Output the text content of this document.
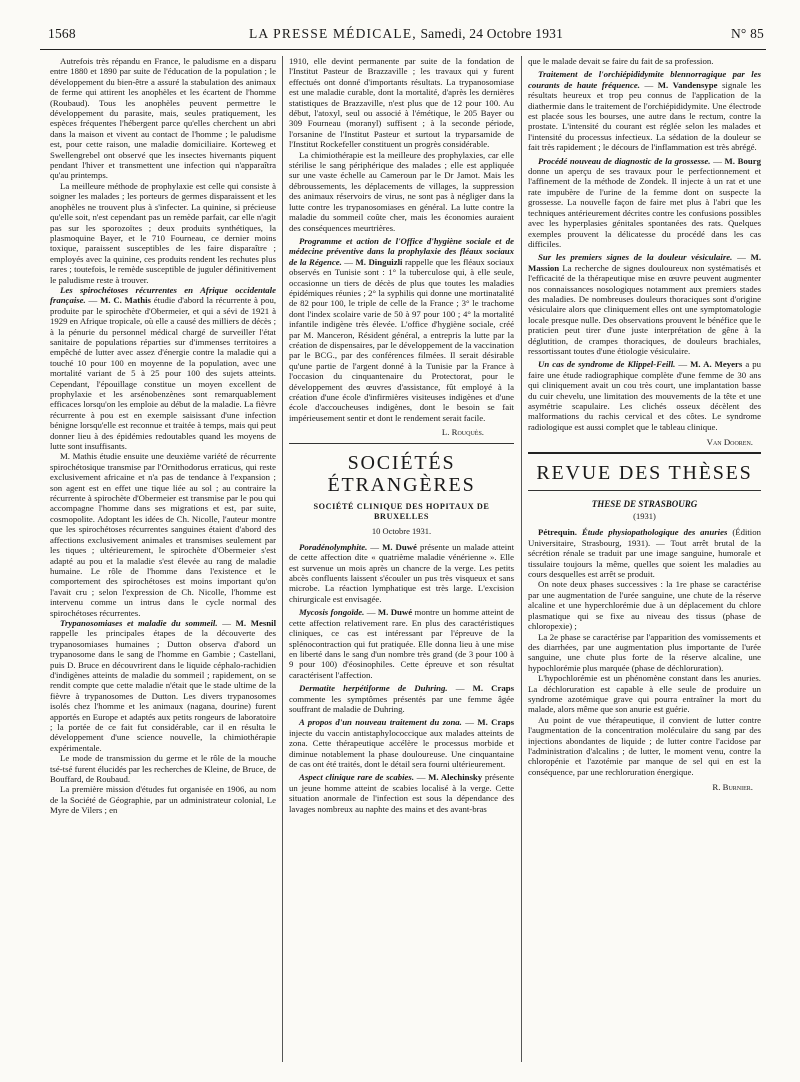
1568	LA PRESSE MÉDICALE, Samedi, 24 Octobre 1931	N° 85

Autrefois très répandu en France, le paludisme en a disparu entre 1880 et 1890 par suite de l'éducation de la population ; le développement du bien-être a assuré la stabulation des animaux de ferme qui attirent les anophèles et les écartent de l'homme (Roubaud). Tous les anophèles peuvent permettre le développement du parasite, mais, seules pratiquement, les espèces fréquentes l'hébergent parce qu'elles cherchent un abri dans la maison et vivent au contact de l'homme ; le paludisme est, pour cette raison, une maladie domiciliaire. Korteweg et Swellengrebel ont observé que les insectes hivernants piquent pendant l'hiver et transmettent une infection qui n'apparaîtra qu'au printemps.

La meilleure méthode de prophylaxie est celle qui consiste à soigner les malades ; les porteurs de germes disparaissent et les anophèles ne trouvent plus à s'infecter. La quinine, si précieuse qu'elle soit, n'est cependant pas un remède parfait, car elle n'agit pas sur les sporozoïtes ; deux produits synthétiques, la plasmoquine Bayer, et le 710 Fourneau, ce dernier moins toxique, paraissent susceptibles de les faire disparaître ; employés avec la quinine, ces produits rendent les rechutes plus rares ; toutefois, le remède susceptible de juguler définitivement le paludisme reste à trouver.

Les spirochétoses récurrentes en Afrique occidentale française. — M. C. Mathis étudie d'abord la récurrente à pou, produite par le spirochète d'Obermeier, et qui a sévi de 1921 à 1929 en Afrique tropicale, où elle a causé des milliers de décès ; à la pénurie du personnel médical chargé de surveiller l'état sanitaire de populations réparties sur d'immenses territoires a empêché de lutter avec assez d'énergie contre la maladie qui a touché 10 pour 100 en moyenne de la population, avec une mortalité variant de 5 à 25 pour 100 des sujets atteints. Cependant, l'épouillage constitue un moyen excellent de prophylaxie et les arsénobenzènes sont remarquablement efficaces lorsqu'on les emploie au début de la maladie. La fièvre récurrente à pou est en exemple saisissant d'une infection bénigne lorsqu'elle est reconnue et traitée à temps, mais qui peut donner lieu à des épidémies redoutables quand les moyens de lutte sont insuffisants.

M. Mathis étudie ensuite une deuxième variété de récurrente spirochétosique transmise par l'Ornithodorus erraticus, qui reste exclusivement africaine et n'a pas de tendance à l'expansion ; son agent est en effet une tique liée au sol ; au contraire la récurrente à spirochète d'Obermeier est transmise par le pou qui accompagne l'homme dans ses migrations et est, par suite, cosmopolite. Adoptant les idées de Ch. Nicolle, l'auteur montre que les spirochétoses récurrentes sanguines étaient d'abord des affections exclusivement animales et transmises seulement par les tiques ; ultérieurement, le spirochète d'Obermeier s'est adapté au pou et la maladie s'est élevée au rang de maladie humaine. Le rôle de l'homme dans l'existence et le comportement des spirochétoses est moins important qu'on l'avait cru ; selon l'expression de Ch. Nicolle, l'homme est intervenu comme un intrus dans le cycle normal des spirochétoses récurrentes.

Trypanosomiases et maladie du sommeil. — M. Mesnil rappelle les principales étapes de la découverte des trypanosomiases humaines ; Dutton observa d'abord un trypanosome dans le sang de l'homme en Gambie ; Castellani, puis D. Bruce en découvrirent dans le liquide céphalo-rachidien d'indigènes atteints de maladie du sommeil ; rapidement, on se rendit compte que cette maladie n'était que le stade ultime de la fièvre à trypanosomes de Dutton. Les divers trypanosomes isolés chez l'homme et les animaux (nagana, dourine) furent apportés en Europe et adaptés aux petits rongeurs de laboratoire ; la portée de ce fait fut considérable, car il en résulta le développement d'une science nouvelle, la chimiothérapie expérimentale.

Le mode de transmission du germe et le rôle de la mouche tsé-tsé furent élucidés par les recherches de Kleine, de Bruce, de Bouffard, de Roubaud.

La première mission d'études fut organisée en 1906, au nom de la Société de Géographie, par un administrateur colonial, Le Myre de Vilers ; en

1910, elle devint permanente par suite de la fondation de l'Institut Pasteur de Brazzaville ; les travaux qui y furent effectués ont donné d'importants résultats. La trypanosomiase est une maladie curable, dont la mortalité, d'après les dernières statistiques de Brazzaville, n'est plus que de 12 pour 100. Au début, l'atoxyl, seul ou associé à l'émétique, le 205 Bayer ou 309 Fourneau (moranyl) suffisent ; à la seconde période, l'orsanine de l'Institut Pasteur et surtout la tryparsamide de l'Institut Rockefeller constituent un progrès considérable.

La chimiothérapie est la meilleure des prophylaxies, car elle stérilise le sang périphérique des malades ; elle est appliquée sur une vaste échelle au Cameroun par le Dr Jamot. Mais les débroussements, les déplacements de villages, la suppression des animaux réservoirs de virus, ne sont pas à négliger dans la lutte contre les trypanosomiases en général. La lutte contre la maladie du sommeil coûte cher, mais les économies auraient des conséquences meurtrières.

Programme et action de l'Office d'hygiène sociale et de médecine préventive dans la prophylaxie des fléaux sociaux de la Régence. — M. Dinguizli rappelle que les fléaux sociaux observés en Tunisie sont : 1° la tuberculose qui, à elle seule, occasionne un tiers de décès de plus que toutes les maladies épidémiques réunies ; 2° la syphilis qui donne une mortinatalité de 82 pour 100, le triple de celle de la France ; 3° le trachome dont l'index scolaire varie de 50 à 97 pour 100 ; 4° la mortalité infantile indigène très élevée. L'office d'hygiène sociale, créé par M. Manceron, Résident général, a entrepris la lutte par la création de dispensaires, par le développement de la vaccination par le BCG., par des conférences filmées. Il serait désirable qu'une partie de l'argent donné à la Tunisie par la France à l'occasion du cinquantenaire du Protectorat, pour le développement des œuvres d'assistance, fût employé à la création d'une école d'infirmières visiteuses indigènes et d'une école d'accoucheuses indigènes, dont le besoin se fait impérieusement sentir et dont le rendement serait facile.

L. Rouquès.

SOCIÉTÉS ÉTRANGÈRES
SOCIÉTÉ CLINIQUE DES HOPITAUX DE BRUXELLES
10 Octobre 1931.

Poradénolymphite. — M. Duwé présente un malade atteint de cette affection dite « quatrième maladie vénérienne ». Elle est survenue un mois après un chancre de la verge. Les petits abcès confluents laissent s'écouler un pus très visqueux et sans microbe. La réaction lymphatique est très large. L'excision chirurgicale est envisagée.

Mycosis fongoïde. — M. Duwé montre un homme atteint de cette affection relativement rare. En plus des caractéristiques cliniques, ce cas est intéressant par l'épreuve de la splénocontraction qui fut pratiquée. Elle donna lieu à une mise en liberté dans le sang d'un nombre très grand (de 3 pour 100 à 9 pour 100) d'éosinophiles. Cette épreuve et son résultat caractérisent l'affection.

Dermatite herpétiforme de Duhring. — M. Craps commente les symptômes présentés par une femme âgée souffrant de maladie de Duhring.

A propos d'un nouveau traitement du zona. — M. Craps injecte du vaccin antistaphylococcique aux malades atteints de zona. Cette thérapeutique accélère le processus morbide et diminue notablement la phase douloureuse. Une cinquantaine de cas ont été traités, dont le détail sera fourni ultérieurement.

Aspect clinique rare de scabies. — M. Alechinsky présente un jeune homme atteint de scabies localisé à la verge. Cette situation anormale de l'infection est sous la dépendance des lavages nombreux au naphte des mains et des avant-bras

que le malade devait se faire du fait de sa profession.

Traitement de l'orchiépididymite blennorragique par les courants de haute fréquence. — M. Vandensype signale les résultats heureux et trop peu connus de l'application de la diathermie dans le traitement de l'orchiépididymite. Une électrode est placée sous les bourses, une autre dans le rectum, contre la prostate. L'intensité du courant est réglée selon les malades et l'intensité du processus infectieux. La sédation de la douleur se fait très rapidement ; le décours de l'inflammation est très abrégé.

Procédé nouveau de diagnostic de la grossesse. — M. Bourg donne un aperçu de ses travaux pour le perfectionnement et l'affinement de la méthode de Zondek. Il injecte à un rat et une rate impubère de l'urine de la femme dont on suspecte la grossesse. La nouvelle façon de faire met plus à l'abri que les techniques antérieurement décrites contre les confusions possibles avec les hyperplasies génitales spontanées des rats. Quelques exemples prouvent la délicatesse du procédé dans les cas difficiles.

Sur les premiers signes de la douleur vésiculaire. — M. Massion La recherche de signes douloureux non systématisés et l'efficacité de la thérapeutique mise en œuvre peuvent augmenter nos connaissances nosologiques notamment aux premiers stades des maladies. De nombreuses douleurs thoraciques sont d'origine vésiculaire alors que cliniquement elles ont une symptomatologie locale presque nulle. Des observations prouvent le bénéfice que le praticien peut tirer d'une juste interprétation de gêne à la déglutition, de crampes thoraciques, de douleurs brachiales, ressortissant toutes d'une étiologie vésiculaire.

Un cas de syndrome de Klippel-Feill. — M. A. Meyers a pu faire une étude radiographique complète d'une femme de 30 ans qui cliniquement avait un cou très court, une implantation basse du cuir chevelu, une limitation des mouvements de la tête et une asymétrie scapulaire. Les clichés osseux décèlent des malformations du rachis cervical et des côtes. Le syndrome radiologique est aussi complet que le tableau clinique.

Van Dooren.

REVUE DES THÈSES
THESE DE STRASBOURG
(1931)

Pétrequin. Étude physiopathologique des anuries (Édition Universitaire, Strasbourg, 1931). — Tout arrêt brutal de la sécrétion rénale se traduit par une image sanguine, humorale et tissulaire toujours la même, quelles que soient les maladies au cours desquelles est arrêt se produit.

On note deux phases successives : la 1re phase se caractérise par une augmentation de l'urée sanguine, une chute de la réserve alcaline et une hyperchlorémie due à un déplacement du chlore plasmatique qui se fixe au niveau des tissus (phase de chloropexie) ;

La 2e phase se caractérise par l'apparition des vomissements et des diarrhées, par une augmentation plus importante de l'urée sanguine, une chute plus forte de la réserve alcaline, une hypochlorémie plus marquée (phase de déchloruration).

L'hypochlorémie est un phénomène constant dans les anuries. La déchloruration est capable à elle seule de produire un syndrome azotémique grave qui pourra entraîner la mort du malade, alors même que son anurie est guérie.

Au point de vue thérapeutique, il convient de lutter contre l'augmentation de la concentration moléculaire du sang par des injections abondantes de liquide ; de lutter contre l'acidose par l'administration d'alcalins ; de lutter, le moment venu, contre la chloropénie et l'azotémie par manque de sel qui en est la conséquence, par une rechloruration énergique.

R. Burnier.
